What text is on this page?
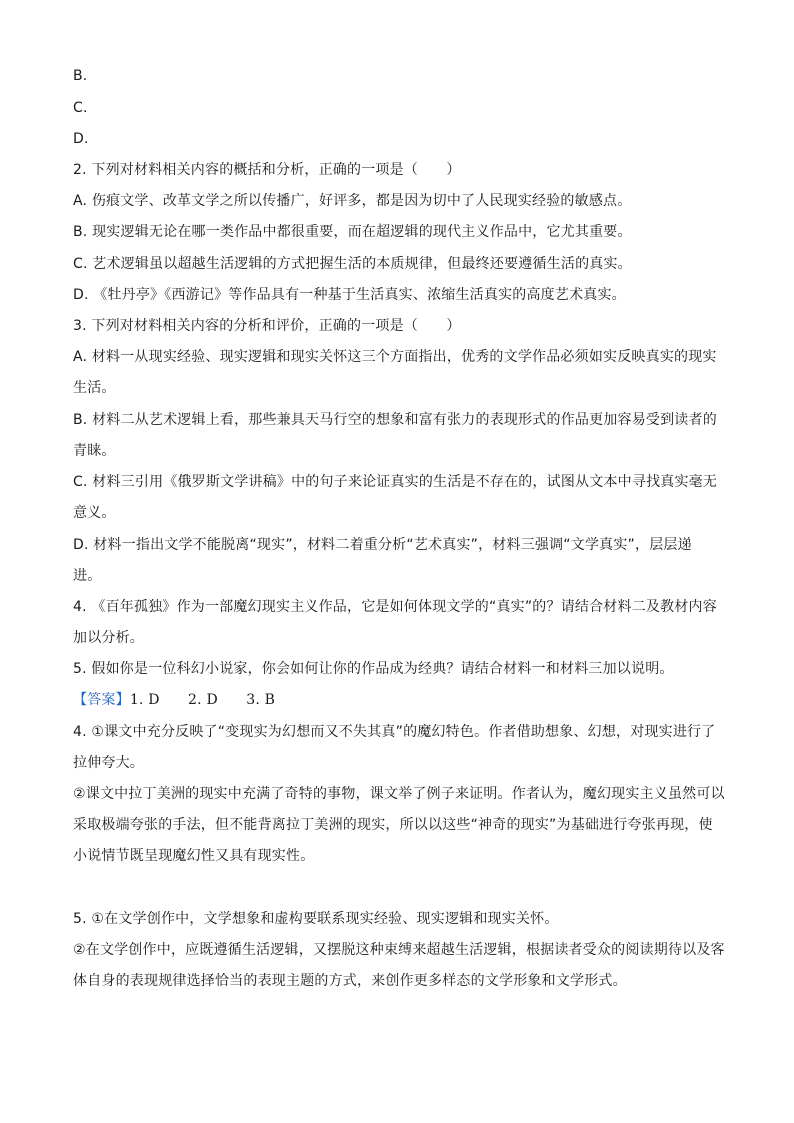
B.
C.
D.
2. 下列对材料相关内容的概括和分析，正确的一项是（　　）
A. 伤痕文学、改革文学之所以传播广，好评多，都是因为切中了人民现实经验的敏感点。
B. 现实逻辑无论在哪一类作品中都很重要，而在超逻辑的现代主义作品中，它尤其重要。
C. 艺术逻辑虽以超越生活逻辑的方式把握生活的本质规律，但最终还要遵循生活的真实。
D. 《牡丹亭》《西游记》等作品具有一种基于生活真实、浓缩生活真实的高度艺术真实。
3. 下列对材料相关内容的分析和评价，正确的一项是（　　）
A. 材料一从现实经验、现实逻辑和现实关怀这三个方面指出，优秀的文学作品必须如实反映真实的现实
生活。
B. 材料二从艺术逻辑上看，那些兼具天马行空的想象和富有张力的表现形式的作品更加容易受到读者的
青睐。
C. 材料三引用《俄罗斯文学讲稿》中的句子来论证真实的生活是不存在的，试图从文本中寻找真实毫无
意义。
D. 材料一指出文学不能脱离“现实”，材料二着重分析“艺术真实”，材料三强调“文学真实”，层层递
进。
4. 《百年孤独》作为一部魔幻现实主义作品，它是如何体现文学的“真实”的？请结合材料二及教材内容
加以分析。
5. 假如你是一位科幻小说家，你会如何让你的作品成为经典？请结合材料一和材料三加以说明。
【答案】1. D　　2. D　　3. B
4. ①课文中充分反映了“变现实为幻想而又不失其真”的魔幻特色。作者借助想象、幻想，对现实进行了
拉伸夸大。
②课文中拉丁美洲的现实中充满了奇特的事物，课文举了例子来证明。作者认为，魔幻现实主义虽然可以
采取极端夸张的手法，但不能背离拉丁美洲的现实，所以以这些“神奇的现实”为基础进行夸张再现，使
小说情节既呈现魔幻性又具有现实性。
5. ①在文学创作中，文学想象和虚构要联系现实经验、现实逻辑和现实关怀。
②在文学创作中，应既遵循生活逻辑，又摆脱这种束缚来超越生活逻辑，根据读者受众的阅读期待以及客
体自身的表现规律选择恰当的表现主题的方式，来创作更多样态的文学形象和文学形式。
